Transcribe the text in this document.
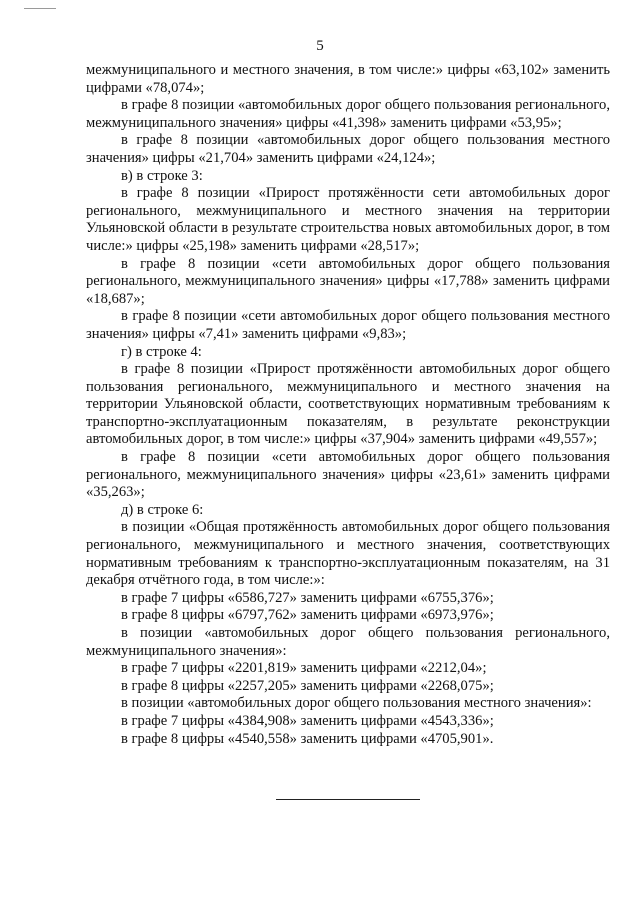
5

межмуниципального и местного значения, в том числе:» цифры «63,102» заменить цифрами «78,074»;

в графе 8 позиции «автомобильных дорог общего пользования регионального, межмуниципального значения» цифры «41,398» заменить цифрами «53,95»;

в графе 8 позиции «автомобильных дорог общего пользования местного значения» цифры «21,704» заменить цифрами «24,124»;

в) в строке 3:

в графе 8 позиции «Прирост протяжённости сети автомобильных дорог регионального, межмуниципального и местного значения на территории Ульяновской области в результате строительства новых автомобильных дорог, в том числе:» цифры «25,198» заменить цифрами «28,517»;

в графе 8 позиции «сети автомобильных дорог общего пользования регионального, межмуниципального значения» цифры «17,788» заменить цифрами «18,687»;

в графе 8 позиции «сети автомобильных дорог общего пользования местного значения» цифры «7,41» заменить цифрами «9,83»;

г) в строке 4:

в графе 8 позиции «Прирост протяжённости автомобильных дорог общего пользования регионального, межмуниципального и местного значения на территории Ульяновской области, соответствующих нормативным требованиям к транспортно-эксплуатационным показателям, в результате реконструкции автомобильных дорог, в том числе:» цифры «37,904» заменить цифрами «49,557»;

в графе 8 позиции «сети автомобильных дорог общего пользования регионального, межмуниципального значения» цифры «23,61» заменить цифрами «35,263»;

д) в строке 6:

в позиции «Общая протяжённость автомобильных дорог общего пользования регионального, межмуниципального и местного значения, соответствующих нормативным требованиям к транспортно-эксплуатационным показателям, на 31 декабря отчётного года, в том числе:»:

в графе 7 цифры «6586,727» заменить цифрами «6755,376»;

в графе 8 цифры «6797,762» заменить цифрами «6973,976»;

в позиции «автомобильных дорог общего пользования регионального, межмуниципального значения»:

в графе 7 цифры «2201,819» заменить цифрами «2212,04»;

в графе 8 цифры «2257,205» заменить цифрами «2268,075»;

в позиции «автомобильных дорог общего пользования местного значения»:

в графе 7 цифры «4384,908» заменить цифрами «4543,336»;

в графе 8 цифры «4540,558» заменить цифрами «4705,901».
